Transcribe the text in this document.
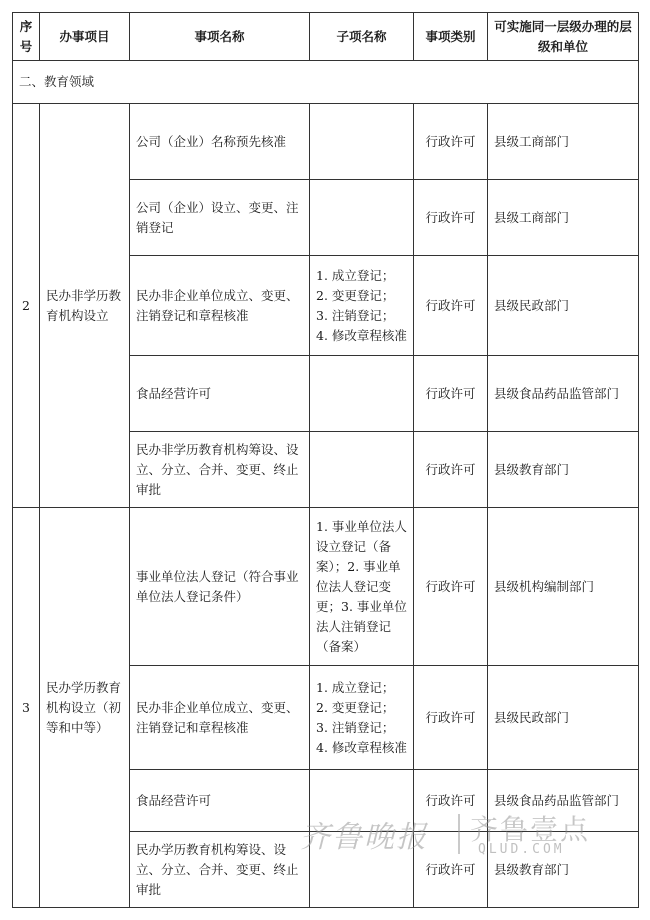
序号	办事项目	事项名称	子项名称	事项类别	可实施同一层级办理的层级和单位
二、教育领域					
2	民办非学历教育机构设立	公司（企业）名称预先核准		行政许可	县级工商部门
		公司（企业）设立、变更、注销登记		行政许可	县级工商部门
		民办非企业单位成立、变更、注销登记和章程核准	1. 成立登记；
2. 变更登记；
3. 注销登记；
4. 修改章程核准	行政许可	县级民政部门
		食品经营许可		行政许可	县级食品药品监管部门
		民办非学历教育机构筹设、设立、分立、合并、变更、终止审批		行政许可	县级教育部门
3	民办学历教育机构设立（初等和中等）	事业单位法人登记（符合事业单位法人登记条件）	1. 事业单位法人设立登记（备案）；2. 事业单位法人登记变更；3. 事业单位法人注销登记（备案）	行政许可	县级机构编制部门
		民办非企业单位成立、变更、注销登记和章程核准	1. 成立登记；
2. 变更登记；
3. 注销登记；
4. 修改章程核准	行政许可	县级民政部门
		食品经营许可		行政许可	县级食品药品监管部门
		民办学历教育机构筹设、设立、分立、合并、变更、终止审批		行政许可	县级教育部门
齐鲁晚报 齐鲁壹点
QLUD.COM
